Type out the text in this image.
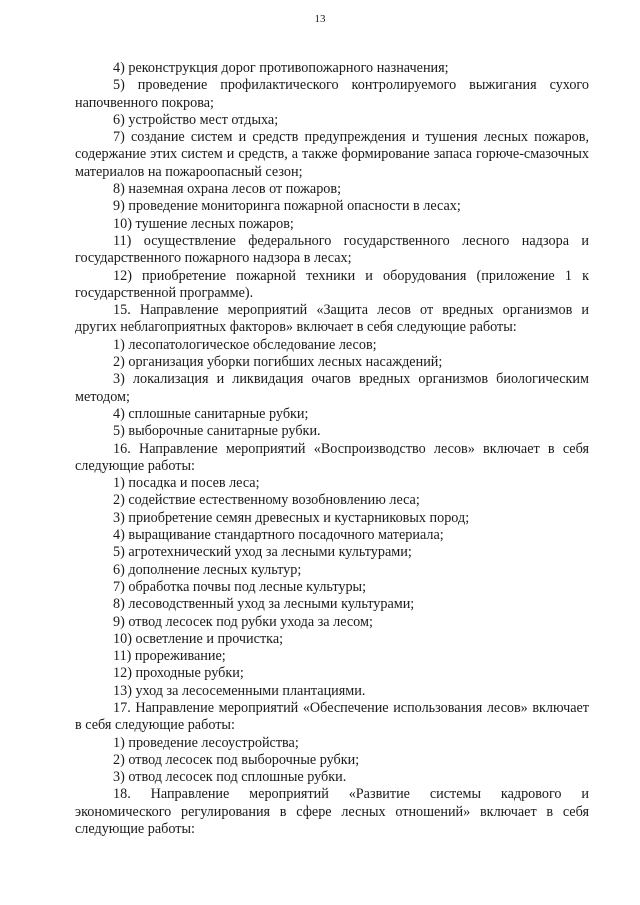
13

4) реконструкция дорог противопожарного назначения;

5) проведение профилактического контролируемого выжигания сухого напочвенного покрова;

6) устройство мест отдыха;

7) создание систем и средств предупреждения и тушения лесных пожаров, содержание этих систем и средств, а также формирование запаса горюче-смазочных материалов на пожароопасный сезон;

8) наземная охрана лесов от пожаров;

9) проведение мониторинга пожарной опасности в лесах;

10) тушение лесных пожаров;

11) осуществление федерального государственного лесного надзора и государственного пожарного надзора в лесах;

12) приобретение пожарной техники и оборудования (приложение 1 к государственной программе).

15. Направление мероприятий «Защита лесов от вредных организмов и других неблагоприятных факторов» включает в себя следующие работы:

1) лесопатологическое обследование лесов;

2) организация уборки погибших лесных насаждений;

3) локализация и ликвидация очагов вредных организмов биологическим методом;

4) сплошные санитарные рубки;

5) выборочные санитарные рубки.

16. Направление мероприятий «Воспроизводство лесов» включает в себя следующие работы:

1) посадка и посев леса;

2) содействие естественному возобновлению леса;

3) приобретение семян древесных и кустарниковых пород;

4) выращивание стандартного посадочного материала;

5) агротехнический уход за лесными культурами;

6) дополнение лесных культур;

7) обработка почвы под лесные культуры;

8) лесоводственный уход за лесными культурами;

9) отвод лесосек под рубки ухода за лесом;

10) осветление и прочистка;

11) прореживание;

12) проходные рубки;

13) уход за лесосеменными плантациями.

17. Направление мероприятий «Обеспечение использования лесов» включает в себя следующие работы:

1) проведение лесоустройства;

2) отвод лесосек под выборочные рубки;

3) отвод лесосек под сплошные рубки.

18. Направление мероприятий «Развитие системы кадрового и экономического регулирования в сфере лесных отношений» включает в себя следующие работы:
